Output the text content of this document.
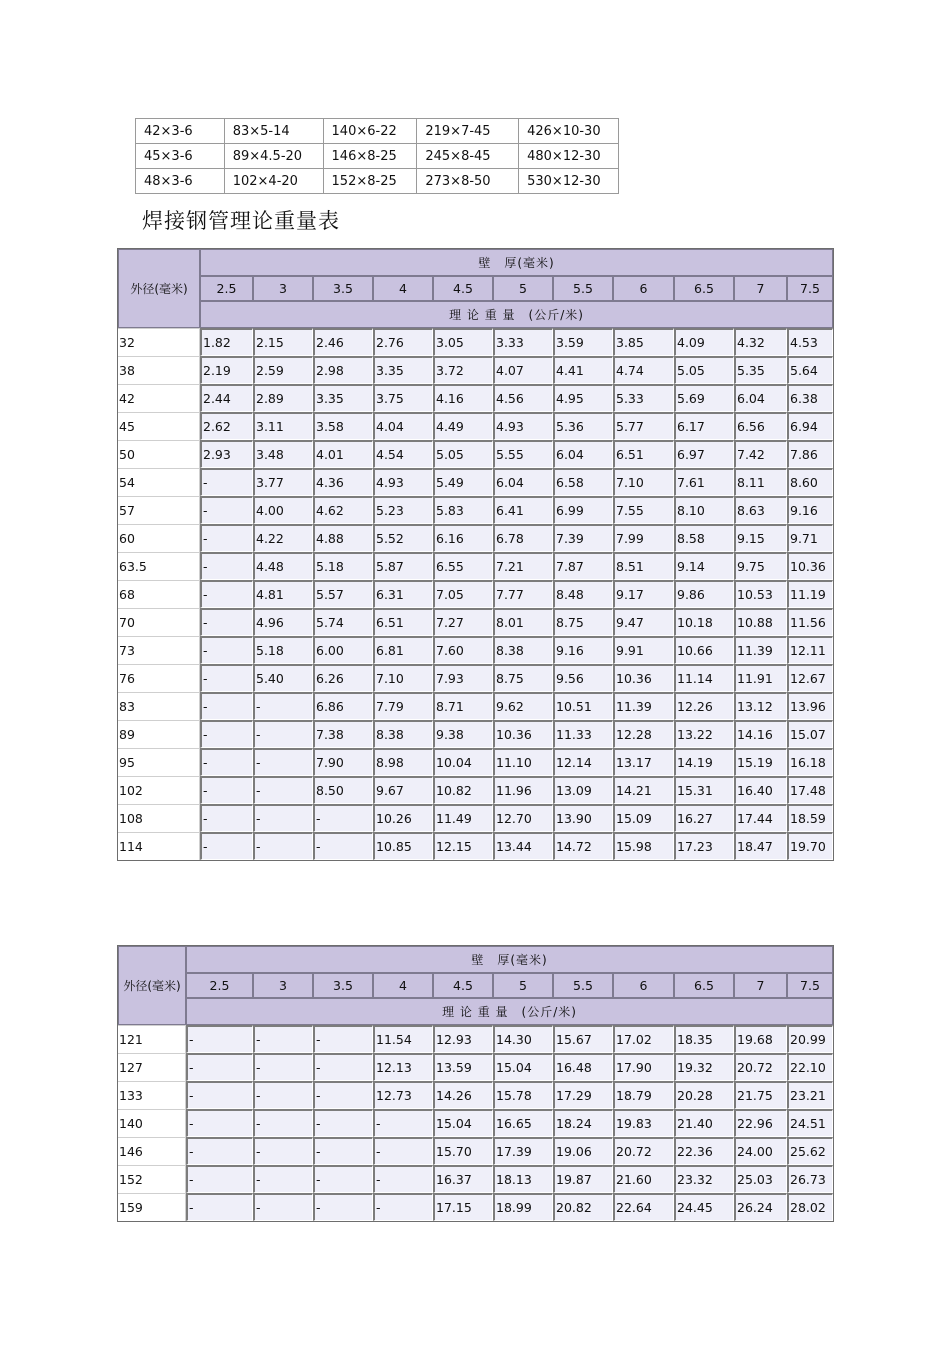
42×3-6	83×5-14	140×6-22	219×7-45	426×10-30
45×3-6	89×4.5-20	146×8-25	245×8-45	480×12-30
48×3-6	102×4-20	152×8-25	273×8-50	530×12-30
焊接钢管理论重量表
外径(毫米)	壁　厚(毫米)										
	2.5	3	3.5	4	4.5	5	5.5	6	6.5	7	7.5
	理 论 重 量　(公斤/米)										
32	1.82	2.15	2.46	2.76	3.05	3.33	3.59	3.85	4.09	4.32	4.53
38	2.19	2.59	2.98	3.35	3.72	4.07	4.41	4.74	5.05	5.35	5.64
42	2.44	2.89	3.35	3.75	4.16	4.56	4.95	5.33	5.69	6.04	6.38
45	2.62	3.11	3.58	4.04	4.49	4.93	5.36	5.77	6.17	6.56	6.94
50	2.93	3.48	4.01	4.54	5.05	5.55	6.04	6.51	6.97	7.42	7.86
54	-	3.77	4.36	4.93	5.49	6.04	6.58	7.10	7.61	8.11	8.60
57	-	4.00	4.62	5.23	5.83	6.41	6.99	7.55	8.10	8.63	9.16
60	-	4.22	4.88	5.52	6.16	6.78	7.39	7.99	8.58	9.15	9.71
63.5	-	4.48	5.18	5.87	6.55	7.21	7.87	8.51	9.14	9.75	10.36
68	-	4.81	5.57	6.31	7.05	7.77	8.48	9.17	9.86	10.53	11.19
70	-	4.96	5.74	6.51	7.27	8.01	8.75	9.47	10.18	10.88	11.56
73	-	5.18	6.00	6.81	7.60	8.38	9.16	9.91	10.66	11.39	12.11
76	-	5.40	6.26	7.10	7.93	8.75	9.56	10.36	11.14	11.91	12.67
83	-	-	6.86	7.79	8.71	9.62	10.51	11.39	12.26	13.12	13.96
89	-	-	7.38	8.38	9.38	10.36	11.33	12.28	13.22	14.16	15.07
95	-	-	7.90	8.98	10.04	11.10	12.14	13.17	14.19	15.19	16.18
102	-	-	8.50	9.67	10.82	11.96	13.09	14.21	15.31	16.40	17.48
108	-	-	-	10.26	11.49	12.70	13.90	15.09	16.27	17.44	18.59
114	-	-	-	10.85	12.15	13.44	14.72	15.98	17.23	18.47	19.70
外径(毫米)	壁　厚(毫米)										
	2.5	3	3.5	4	4.5	5	5.5	6	6.5	7	7.5
	理 论 重 量　(公斤/米)										
121	-	-	-	11.54	12.93	14.30	15.67	17.02	18.35	19.68	20.99
127	-	-	-	12.13	13.59	15.04	16.48	17.90	19.32	20.72	22.10
133	-	-	-	12.73	14.26	15.78	17.29	18.79	20.28	21.75	23.21
140	-	-	-	-	15.04	16.65	18.24	19.83	21.40	22.96	24.51
146	-	-	-	-	15.70	17.39	19.06	20.72	22.36	24.00	25.62
152	-	-	-	-	16.37	18.13	19.87	21.60	23.32	25.03	26.73
159	-	-	-	-	17.15	18.99	20.82	22.64	24.45	26.24	28.02
